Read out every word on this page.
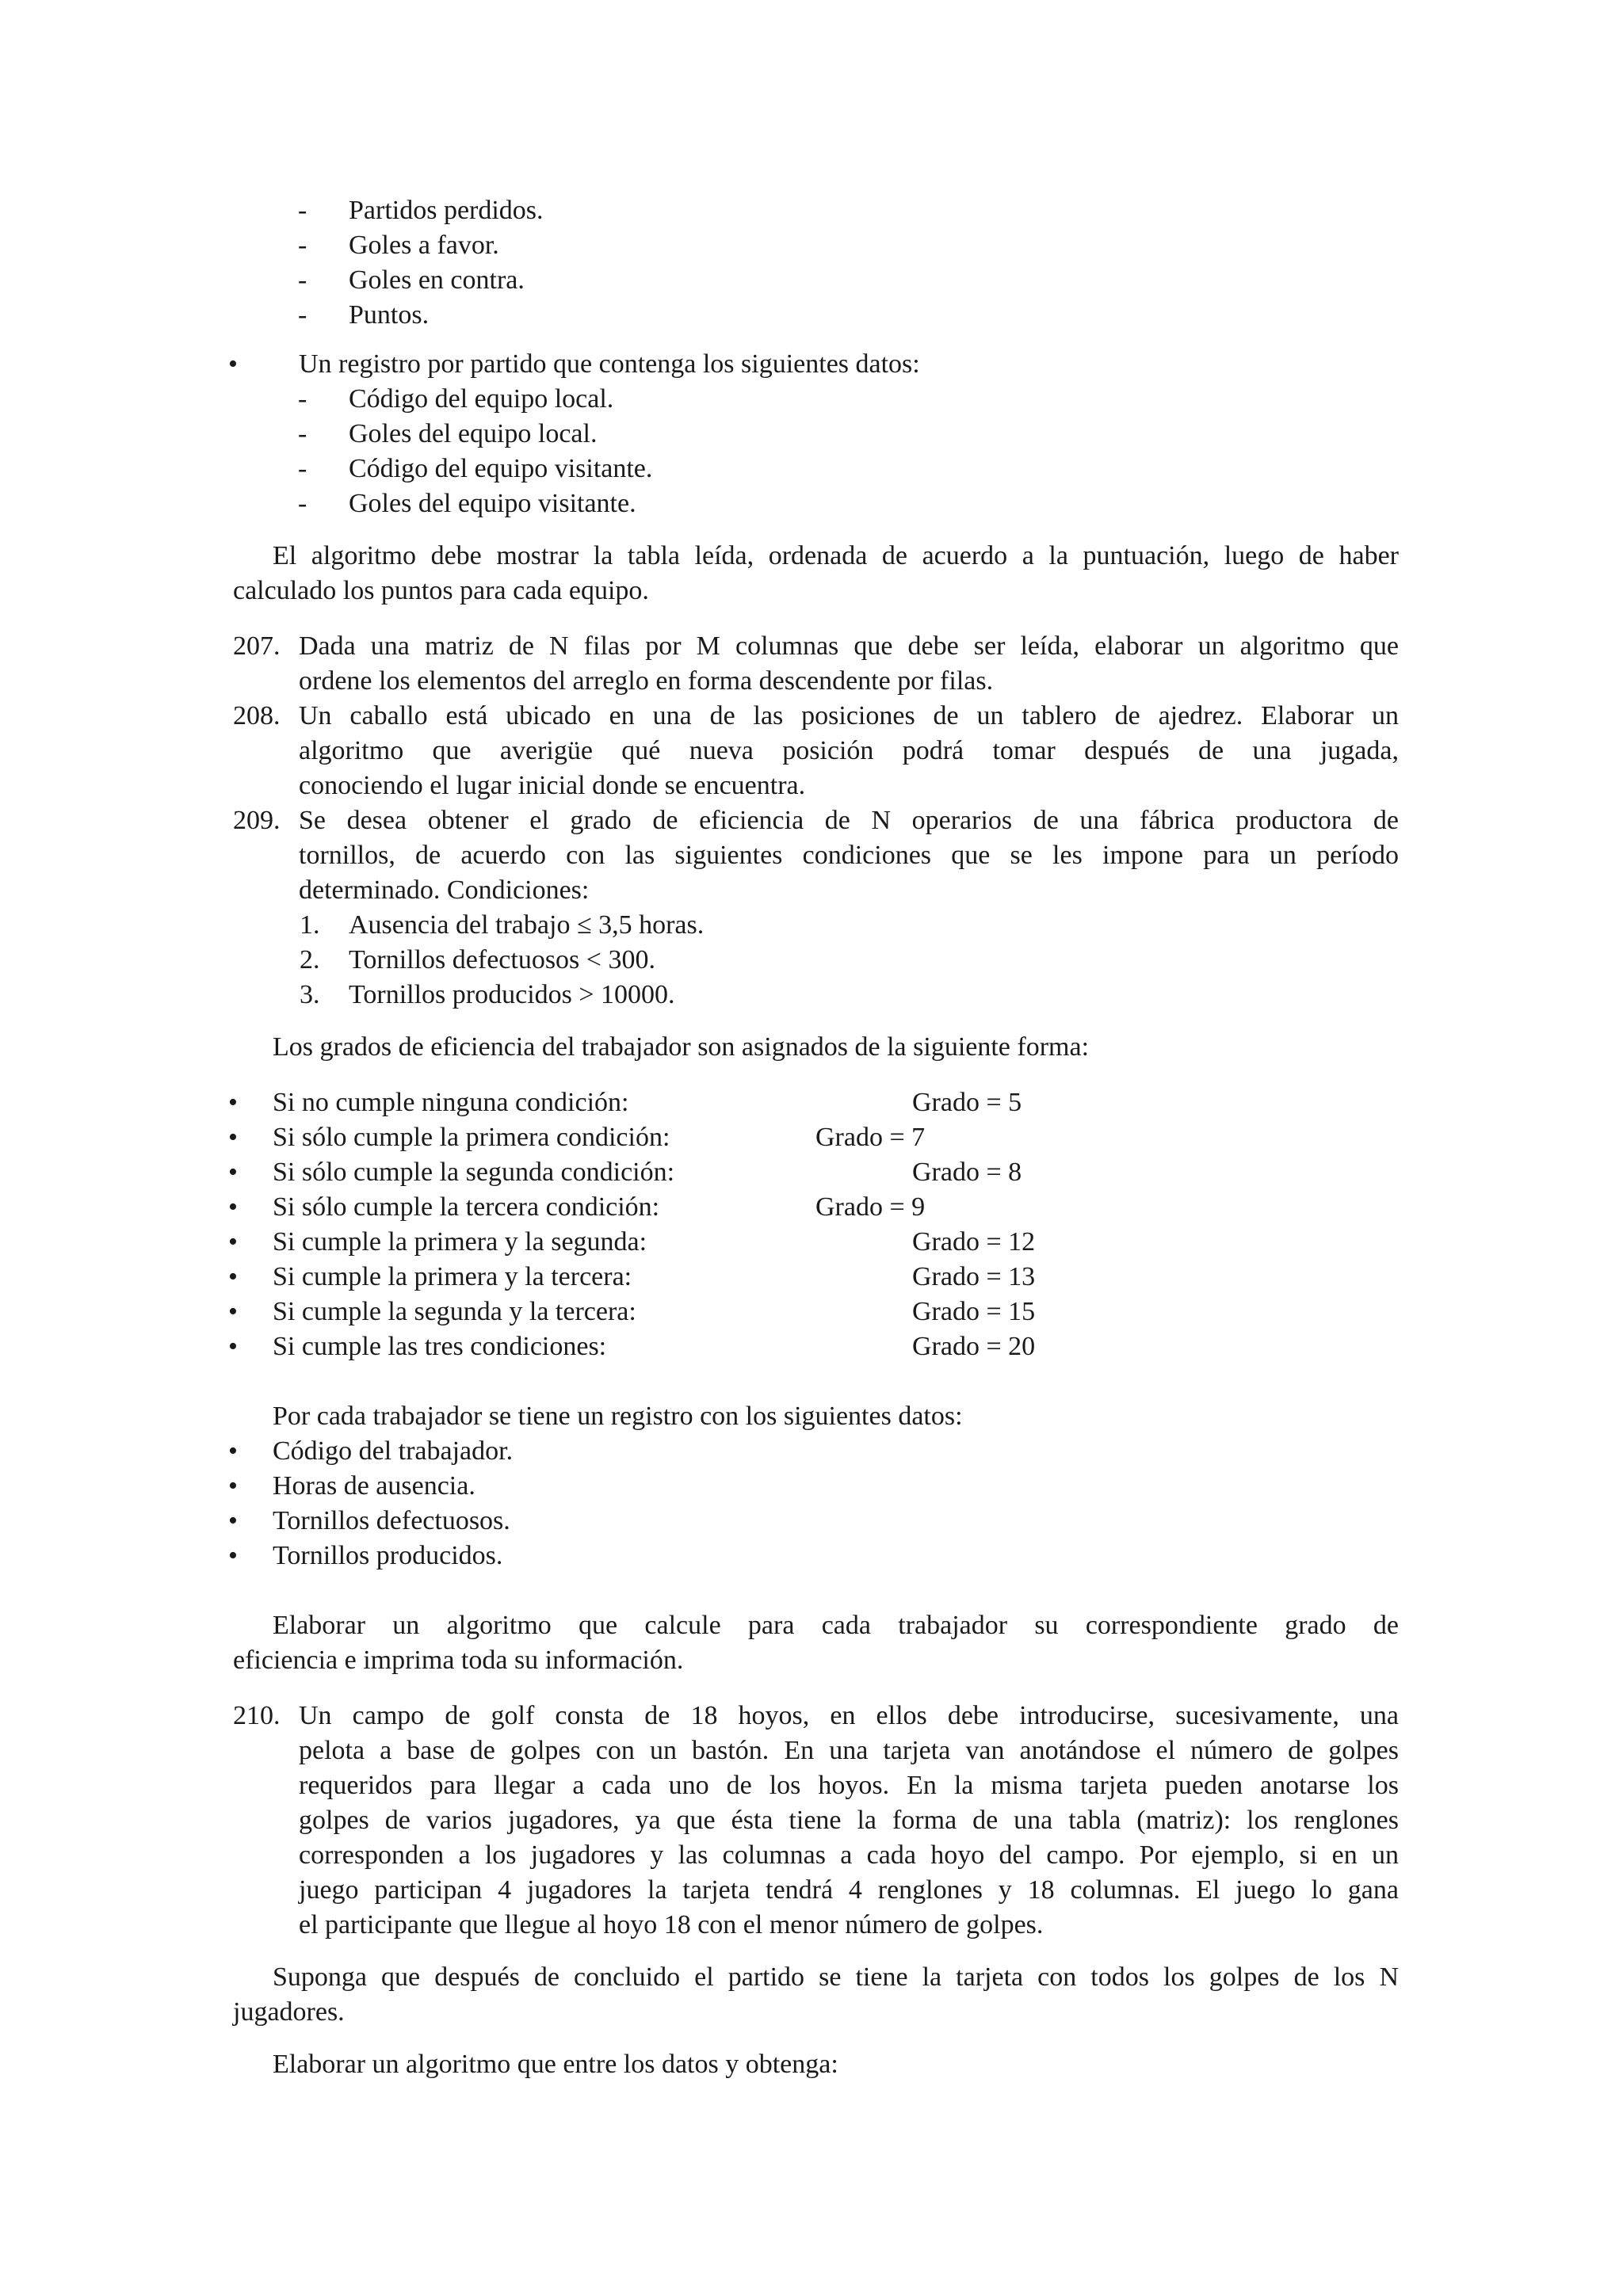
- Partidos perdidos.
- Goles a favor.
- Goles en contra.
- Puntos.
• Un registro por partido que contenga los siguientes datos:
- Código del equipo local.
- Goles del equipo local.
- Código del equipo visitante.
- Goles del equipo visitante.
El algoritmo debe mostrar la tabla leída, ordenada de acuerdo a la puntuación, luego de haber
calculado los puntos para cada equipo.
207. Dada una matriz de N filas por M columnas que debe ser leída, elaborar un algoritmo que
ordene los elementos del arreglo en forma descendente por filas.
208. Un caballo está ubicado en una de las posiciones de un tablero de ajedrez. Elaborar un
algoritmo que averigüe qué nueva posición podrá tomar después de una jugada,
conociendo el lugar inicial donde se encuentra.
209. Se desea obtener el grado de eficiencia de N operarios de una fábrica productora de
tornillos, de acuerdo con las siguientes condiciones que se les impone para un período
determinado. Condiciones:
1. Ausencia del trabajo ≤ 3,5 horas.
2. Tornillos defectuosos < 300.
3. Tornillos producidos > 10000.
Los grados de eficiencia del trabajador son asignados de la siguiente forma:
• Si no cumple ninguna condición:	Grado = 5
• Si sólo cumple la primera condición:	Grado = 7
• Si sólo cumple la segunda condición:	Grado = 8
• Si sólo cumple la tercera condición:	Grado = 9
• Si cumple la primera y la segunda:	Grado = 12
• Si cumple la primera y la tercera:	Grado = 13
• Si cumple la segunda y la tercera:	Grado = 15
• Si cumple las tres condiciones:	Grado = 20
Por cada trabajador se tiene un registro con los siguientes datos:
• Código del trabajador.
• Horas de ausencia.
• Tornillos defectuosos.
• Tornillos producidos.
Elaborar un algoritmo que calcule para cada trabajador su correspondiente grado de
eficiencia e imprima toda su información.
210. Un campo de golf consta de 18 hoyos, en ellos debe introducirse, sucesivamente, una
pelota a base de golpes con un bastón. En una tarjeta van anotándose el número de golpes
requeridos para llegar a cada uno de los hoyos. En la misma tarjeta pueden anotarse los
golpes de varios jugadores, ya que ésta tiene la forma de una tabla (matriz): los renglones
corresponden a los jugadores y las columnas a cada hoyo del campo. Por ejemplo, si en un
juego participan 4 jugadores la tarjeta tendrá 4 renglones y 18 columnas. El juego lo gana
el participante que llegue al hoyo 18 con el menor número de golpes.
Suponga que después de concluido el partido se tiene la tarjeta con todos los golpes de los N
jugadores.
Elaborar un algoritmo que entre los datos y obtenga:
